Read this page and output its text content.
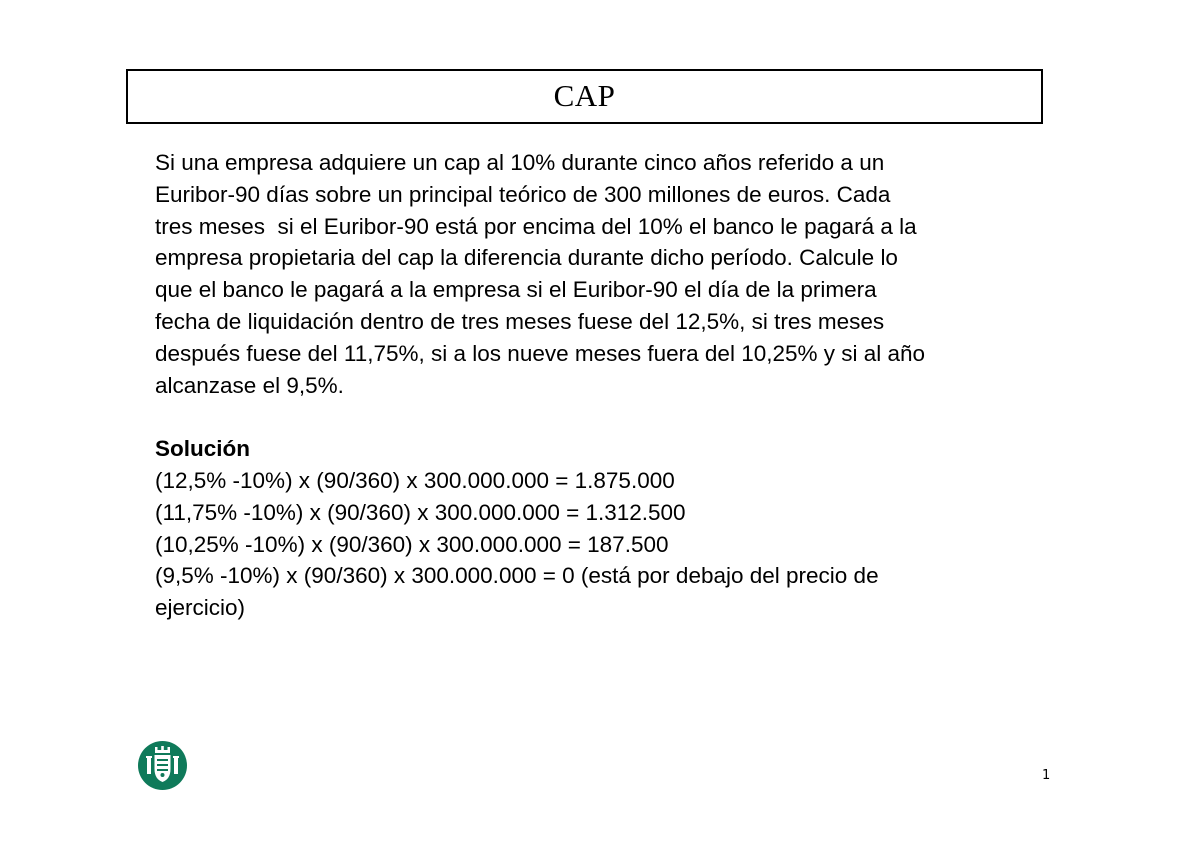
CAP

Si una empresa adquiere un cap al 10% durante cinco años referido a un

Euribor-90 días sobre un principal teórico de 300 millones de euros. Cada

tres meses  si el Euribor-90 está por encima del 10% el banco le pagará a la

empresa propietaria del cap la diferencia durante dicho período. Calcule lo

que el banco le pagará a la empresa si el Euribor-90 el día de la primera

fecha de liquidación dentro de tres meses fuese del 12,5%, si tres meses

después fuese del 11,75%, si a los nueve meses fuera del 10,25% y si al año

alcanzase el 9,5%.

Solución

(12,5% -10%) x (90/360) x 300.000.000 = 1.875.000

(11,75% -10%) x (90/360) x 300.000.000 = 1.312.500

(10,25% -10%) x (90/360) x 300.000.000 = 187.500

(9,5% -10%) x (90/360) x 300.000.000 = 0 (está por debajo del precio de

ejercicio)

1
